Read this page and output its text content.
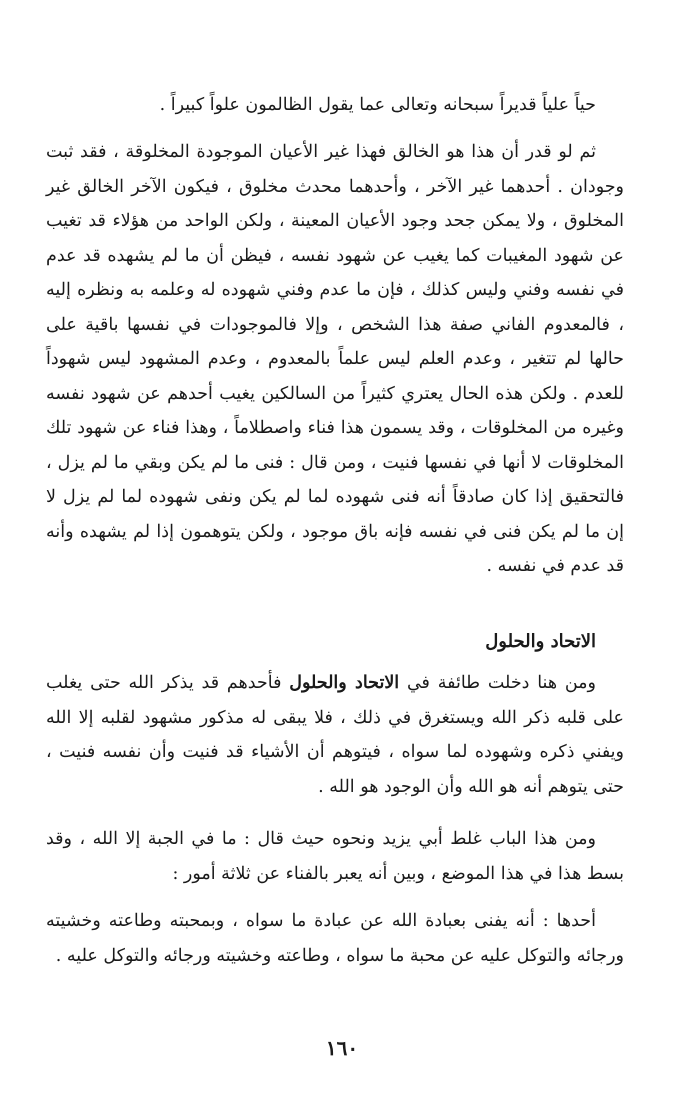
حياً علياً قديراً سبحانه وتعالى عما يقول الظالمون علواً كبيراً .

ثم لو قدر أن هذا هو الخالق فهذا غير الأعيان الموجودة المخلوقة ، فقد ثبت وجودان . أحدهما غير الآخر ، وأحدهما محدث مخلوق ، فيكون الآخر الخالق غير المخلوق ، ولا يمكن جحد وجود الأعيان المعينة ، ولكن الواحد من هؤلاء قد تغيب عن شهود المغيبات كما يغيب عن شهود نفسه ، فيظن أن ما لم يشهده قد عدم في نفسه وفني وليس كذلك ، فإن ما عدم وفني شهوده له وعلمه به ونظره إليه ، فالمعدوم الفاني صفة هذا الشخص ، وإلا فالموجودات في نفسها باقية على حالها لم تتغير ، وعدم العلم ليس علماً بالمعدوم ، وعدم المشهود ليس شهوداً للعدم . ولكن هذه الحال يعتري كثيراً من السالكين يغيب أحدهم عن شهود نفسه وغيره من المخلوقات ، وقد يسمون هذا فناء واصطلاماً ، وهذا فناء عن شهود تلك المخلوقات لا أنها في نفسها فنيت ، ومن قال : فنى ما لم يكن وبقي ما لم يزل ، فالتحقيق إذا كان صادقاً أنه فنى شهوده لما لم يكن ونفى شهوده لما لم يزل لا إن ما لم يكن فنى في نفسه فإنه باق موجود ، ولكن يتوهمون إذا لم يشهده وأنه قد عدم في نفسه .

الاتحاد والحلول

ومن هنا دخلت طائفة في الاتحاد والحلول فأحدهم قد يذكر الله حتى يغلب على قلبه ذكر الله ويستغرق في ذلك ، فلا يبقى له مذكور مشهود لقلبه إلا الله ويفني ذكره وشهوده لما سواه ، فيتوهم أن الأشياء قد فنيت وأن نفسه فنيت ، حتى يتوهم أنه هو الله وأن الوجود هو الله .

ومن هذا الباب غلط أبي يزيد ونحوه حيث قال : ما في الجبة إلا الله ، وقد بسط هذا في هذا الموضع ، وبين أنه يعبر بالفناء عن ثلاثة أمور :

أحدها : أنه يفنى بعبادة الله عن عبادة ما سواه ، وبمحبته وطاعته وخشيته ورجائه والتوكل عليه عن محبة ما سواه ، وطاعته وخشيته ورجائه والتوكل عليه .

١٦٠
